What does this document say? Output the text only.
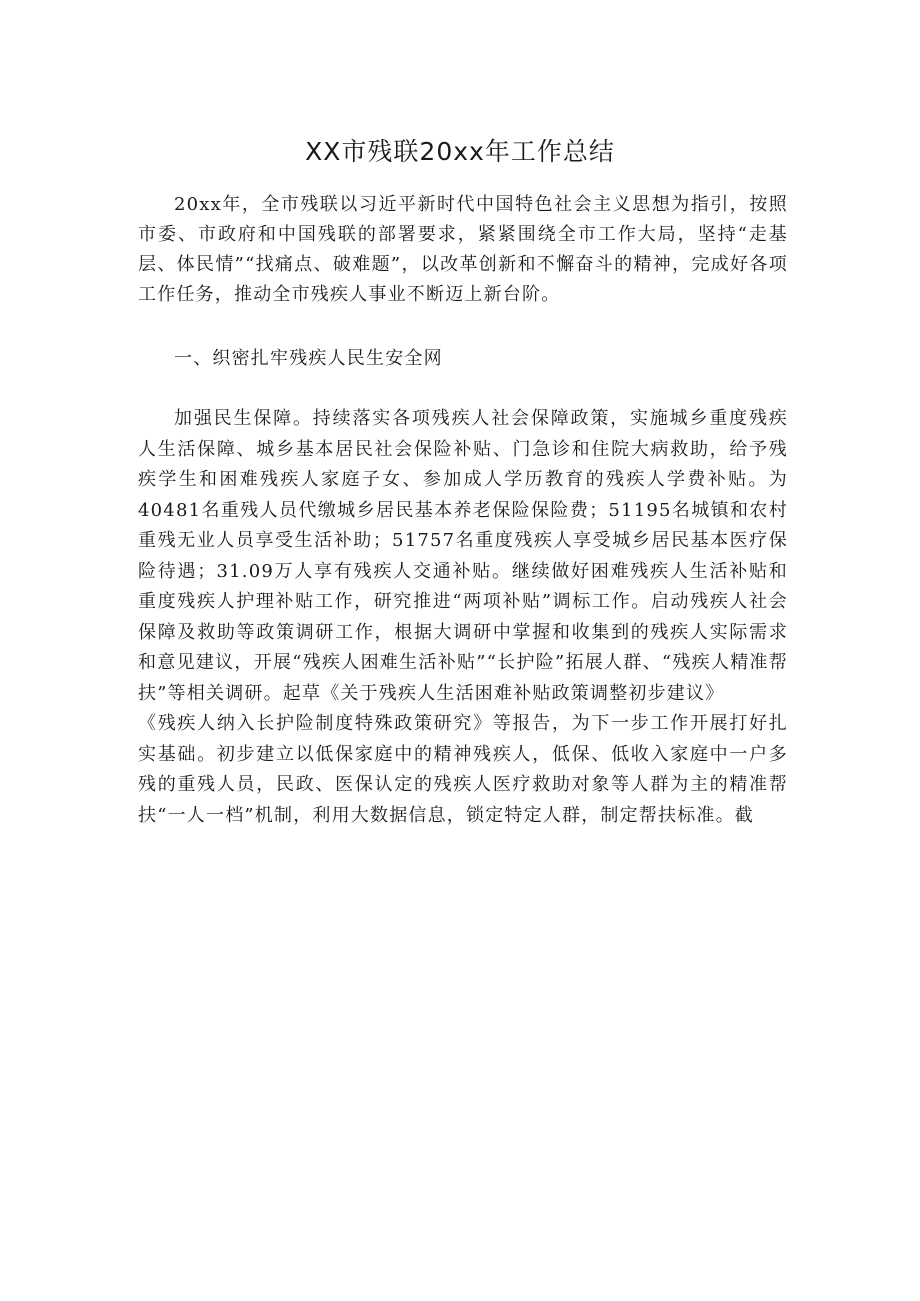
XX市残联20xx年工作总结

20xx年，全市残联以习近平新时代中国特色社会主义思想为指引，按照市委、市政府和中国残联的部署要求，紧紧围绕全市工作大局，坚持“走基层、体民情”“找痛点、破难题”，以改革创新和不懈奋斗的精神，完成好各项工作任务，推动全市残疾人事业不断迈上新台阶。

一、织密扎牢残疾人民生安全网

加强民生保障。持续落实各项残疾人社会保障政策，实施城乡重度残疾人生活保障、城乡基本居民社会保险补贴、门急诊和住院大病救助，给予残疾学生和困难残疾人家庭子女、参加成人学历教育的残疾人学费补贴。为40481名重残人员代缴城乡居民基本养老保险保险费；51195名城镇和农村重残无业人员享受生活补助；51757名重度残疾人享受城乡居民基本医疗保险待遇；31.09万人享有残疾人交通补贴。继续做好困难残疾人生活补贴和重度残疾人护理补贴工作，研究推进“两项补贴”调标工作。启动残疾人社会保障及救助等政策调研工作，根据大调研中掌握和收集到的残疾人实际需求和意见建议，开展“残疾人困难生活补贴”“长护险”拓展人群、“残疾人精准帮扶”等相关调研。起草《关于残疾人生活困难补贴政策调整初步建议》

《残疾人纳入长护险制度特殊政策研究》等报告，为下一步工作开展打好扎实基础。初步建立以低保家庭中的精神残疾人，低保、低收入家庭中一户多残的重残人员，民政、医保认定的残疾人医疗救助对象等人群为主的精准帮扶“一人一档”机制，利用大数据信息，锁定特定人群，制定帮扶标准。截
